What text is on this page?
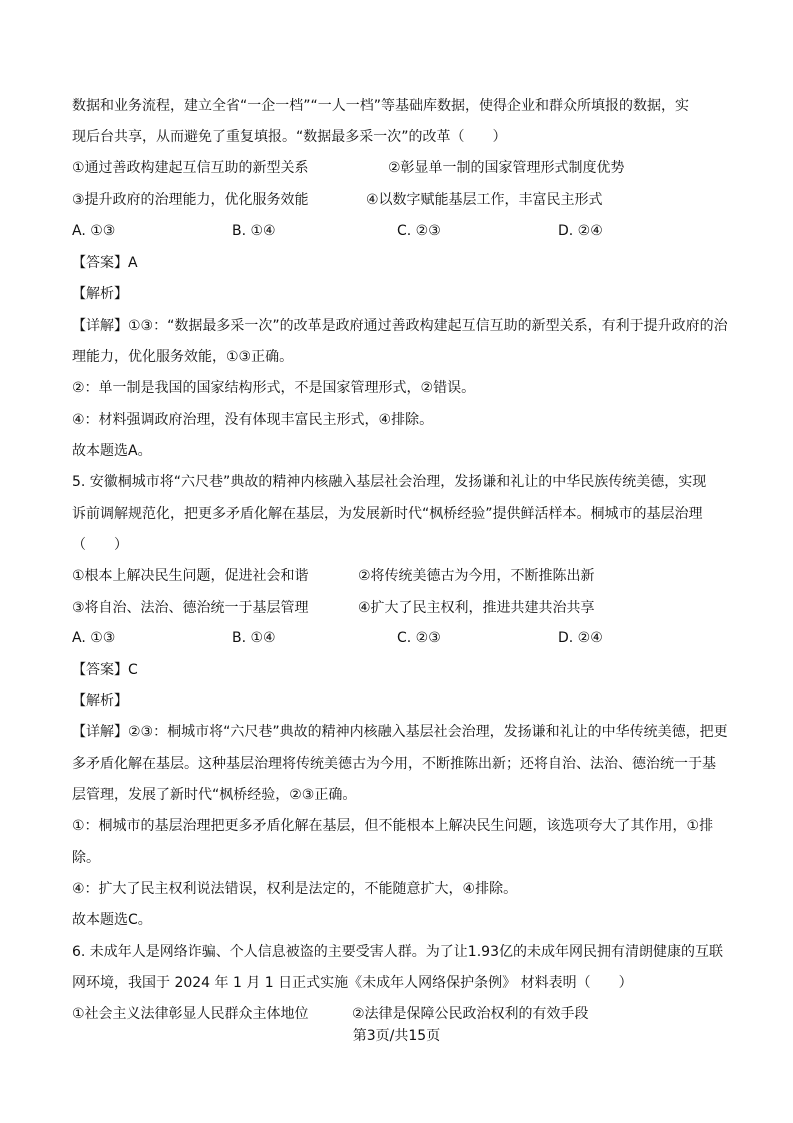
数据和业务流程，建立全省“一企一档”“一人一档”等基础库数据，使得企业和群众所填报的数据，实
现后台共享，从而避免了重复填报。“数据最多采一次”的改革（　　）
①通过善政构建起互信互助的新型关系	②彰显单一制的国家管理形式制度优势
③提升政府的治理能力，优化服务效能	④以数字赋能基层工作，丰富民主形式
A. ①③	B. ①④	C. ②③	D. ②④
【答案】A
【解析】
【详解】①③：“数据最多采一次”的改革是政府通过善政构建起互信互助的新型关系，有利于提升政府的治
理能力，优化服务效能，①③正确。
②：单一制是我国的国家结构形式，不是国家管理形式，②错误。
④：材料强调政府治理，没有体现丰富民主形式，④排除。
故本题选A。
5. 安徽桐城市将“六尺巷”典故的精神内核融入基层社会治理，发扬谦和礼让的中华民族传统美德，实现
诉前调解规范化，把更多矛盾化解在基层，为发展新时代“枫桥经验”提供鲜活样本。桐城市的基层治理
（　　）
①根本上解决民生问题，促进社会和谐	②将传统美德古为今用，不断推陈出新
③将自治、法治、德治统一于基层管理	④扩大了民主权利，推进共建共治共享
A. ①③	B. ①④	C. ②③	D. ②④
【答案】C
【解析】
【详解】②③：桐城市将“六尺巷”典故的精神内核融入基层社会治理，发扬谦和礼让的中华传统美德，把更
多矛盾化解在基层。这种基层治理将传统美德古为今用，不断推陈出新；还将自治、法治、德治统一于基
层管理，发展了新时代“枫桥经验，②③正确。
①：桐城市的基层治理把更多矛盾化解在基层，但不能根本上解决民生问题，该选项夸大了其作用，①排
除。
④：扩大了民主权利说法错误，权利是法定的，不能随意扩大，④排除。
故本题选C。
6. 未成年人是网络诈骗、个人信息被盗的主要受害人群。为了让1.93亿的未成年网民拥有清朗健康的互联
网环境，我国于 2024 年 1 月 1 日正式实施《未成年人网络保护条例》 材料表明（　　）
①社会主义法律彰显人民群众主体地位	②法律是保障公民政治权利的有效手段
第3页/共15页
